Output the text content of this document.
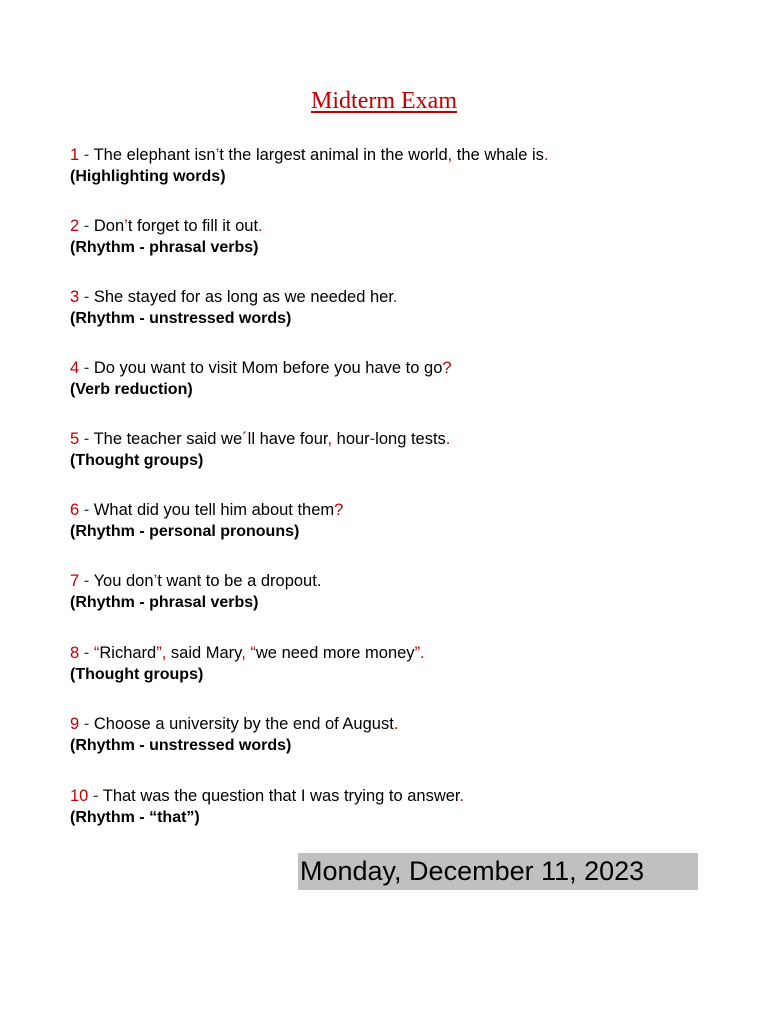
Midterm Exam
1 - The elephant isn’t the largest animal in the world, the whale is.
(Highlighting words)
2 - Don’t forget to fill it out.
(Rhythm - phrasal verbs)
3 - She stayed for as long as we needed her.
(Rhythm - unstressed words)
4 - Do you want to visit Mom before you have to go?
(Verb reduction)
5 - The teacher said we´ll have four, hour-long tests.
(Thought groups)
6 - What did you tell him about them?
(Rhythm - personal pronouns)
7 - You don’t want to be a dropout.
(Rhythm - phrasal verbs)
8 - “Richard”, said Mary, “we need more money”.
(Thought groups)
9 - Choose a university by the end of August.
(Rhythm - unstressed words)
10 - That was the question that I was trying to answer.
(Rhythm - “that”)
Monday, December 11, 2023
